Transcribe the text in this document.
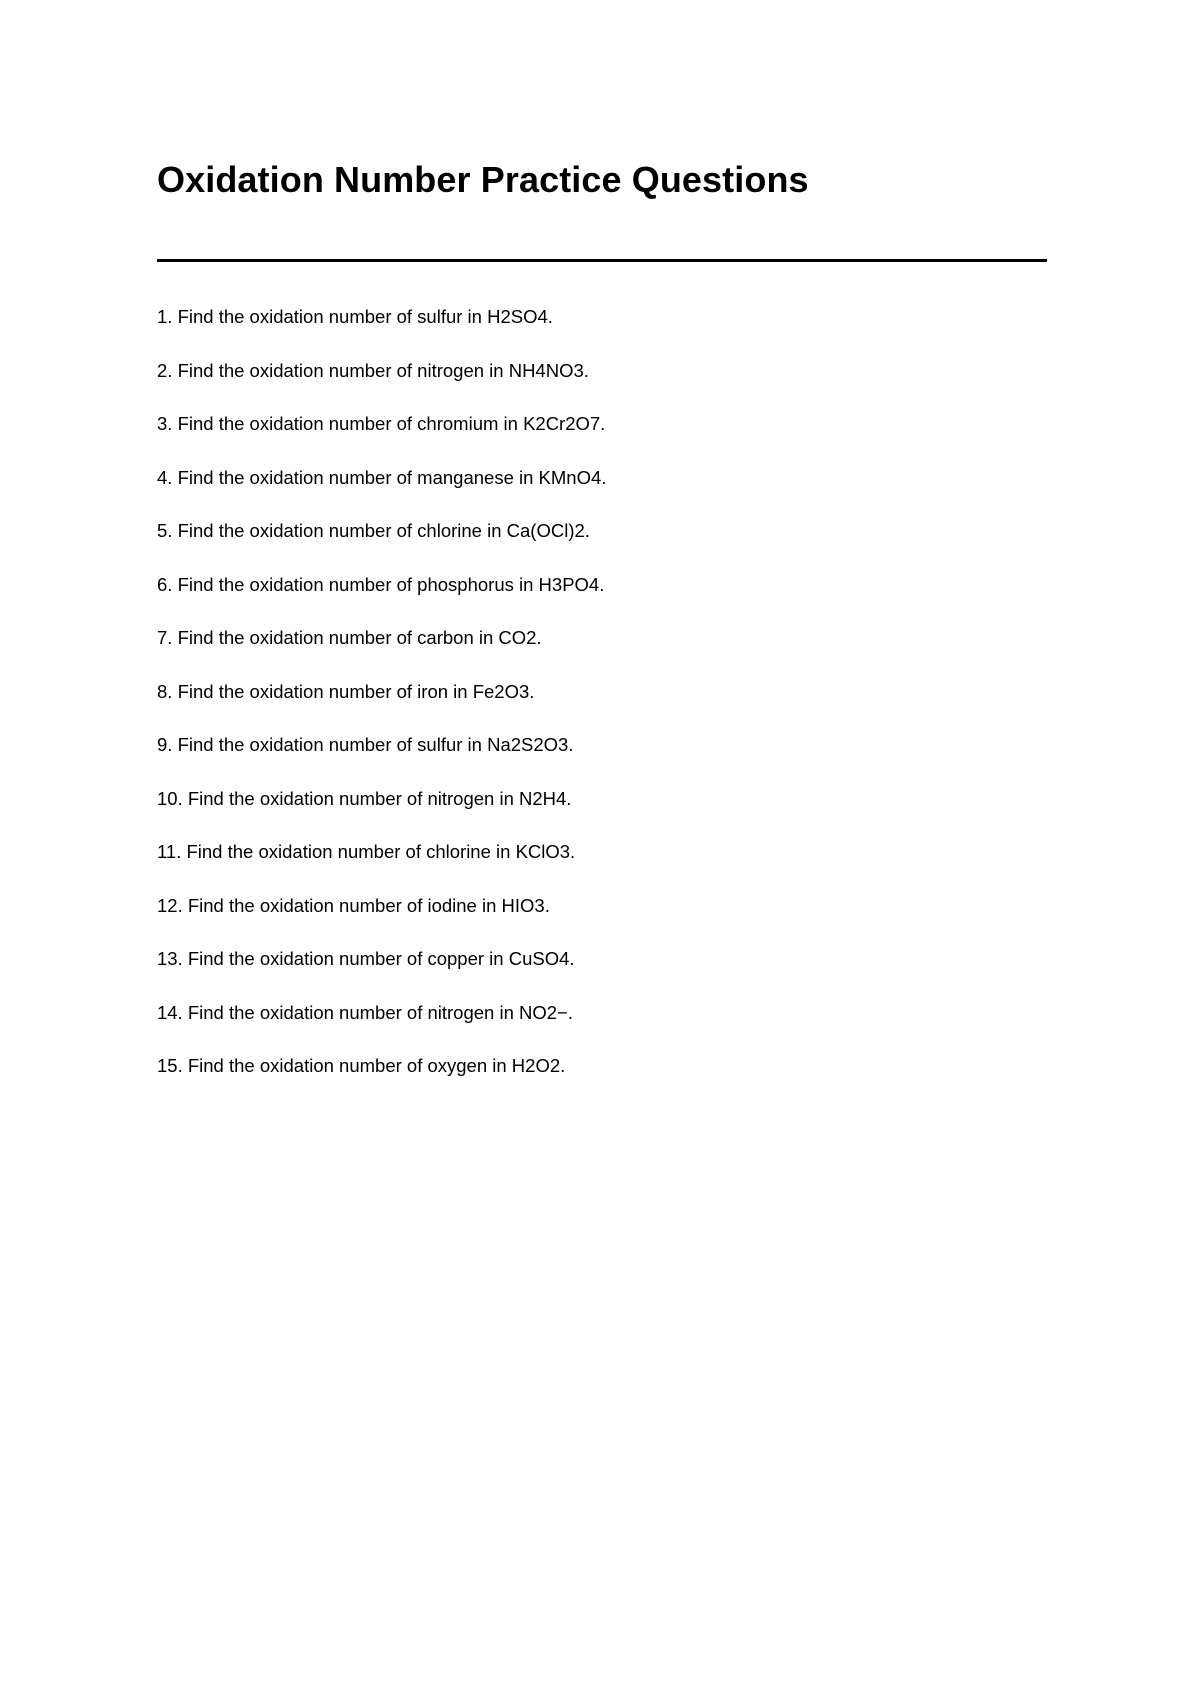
Oxidation Number Practice Questions
1. Find the oxidation number of sulfur in H2SO4.
2. Find the oxidation number of nitrogen in NH4NO3.
3. Find the oxidation number of chromium in K2Cr2O7.
4. Find the oxidation number of manganese in KMnO4.
5. Find the oxidation number of chlorine in Ca(OCl)2.
6. Find the oxidation number of phosphorus in H3PO4.
7. Find the oxidation number of carbon in CO2.
8. Find the oxidation number of iron in Fe2O3.
9. Find the oxidation number of sulfur in Na2S2O3.
10. Find the oxidation number of nitrogen in N2H4.
11. Find the oxidation number of chlorine in KClO3.
12. Find the oxidation number of iodine in HIO3.
13. Find the oxidation number of copper in CuSO4.
14. Find the oxidation number of nitrogen in NO2−.
15. Find the oxidation number of oxygen in H2O2.
